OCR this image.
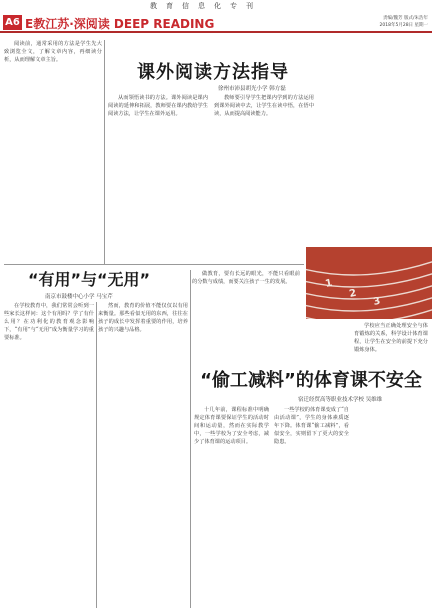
教育信息化专刊
A6 E教江苏·深阅读 DEEP READING	责编/魏芳 版式/朱浩年
2018年5月28日 星期一
阅读前，通常采用的方法是学生先大致浏览全文，了解文章内容，再细读分析，从而理解文章主旨。
课外阅读方法指导
徐州市沛县胡光小学 韩方磊
从而领悟读书的方法。课外阅读是课内阅读的延伸和拓展，教师要在课内教给学生阅读方法，让学生在课外运用。
教师要引导学生把课内学到的方法运用到课外阅读中去，让学生在读中悟，在悟中读，从而提高阅读能力。
1
2
3
“有用”与“无用”
南京市鼓楼中心小学 马宝芹
在学校教育中，我们常常会听到一些家长这样问：这个有用吗？学了有什么用？在功利化的教育观念影响下，“有用”与“无用”成为衡量学习的重要标准。
然而，教育的价值不能仅仅以有用来衡量。那些看似无用的东西，往往在孩子的成长中发挥着重要的作用，培养孩子的兴趣与品格。
做教育，要有长远的眼光，不能只看眼前的分数与成绩，而要关注孩子一生的发展。
“偷工减料”的体育课不安全
宿迁经贸高等职业技术学校 吴维维
十几年前，课程标准中明确规定体育课要保证学生的活动时间和运动量，然而在实际教学中，一些学校为了安全考虑，减少了体育课的运动项目。
一些学校的体育课变成了“自由活动课”，学生的身体素质逐年下降。体育课“偷工减料”，看似安全，实则留下了更大的安全隐患。
学校应当正确处理安全与体育锻炼的关系，科学设计体育课程，让学生在安全的前提下充分锻炼身体。
